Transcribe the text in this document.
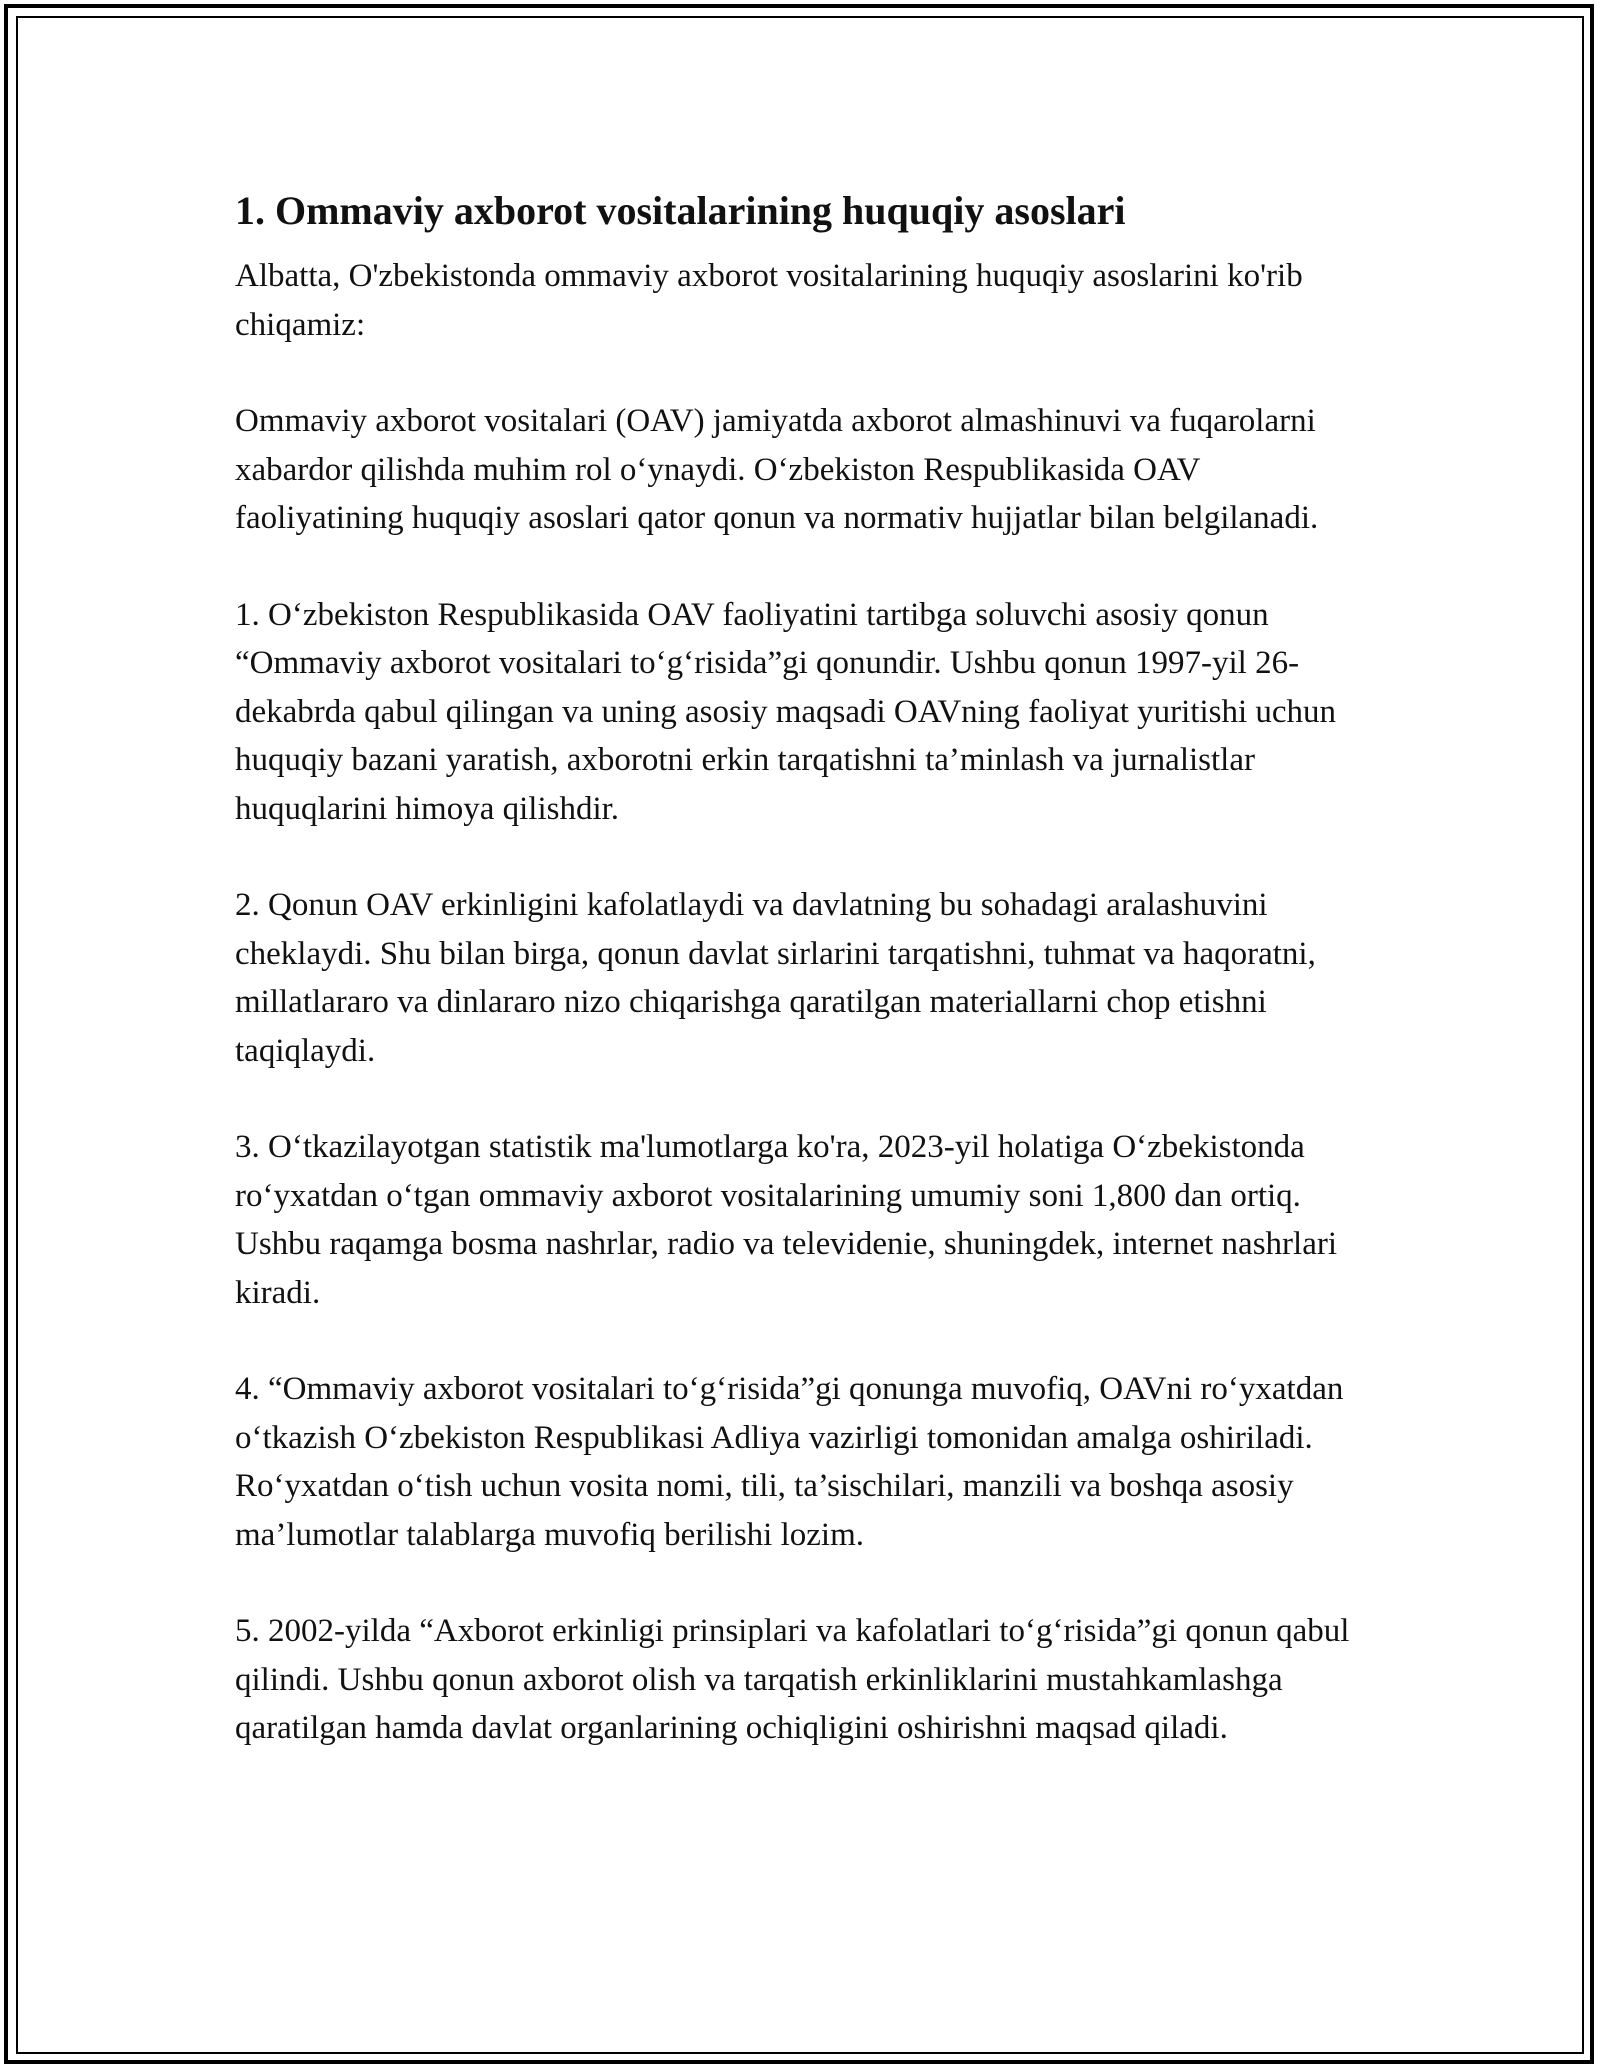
1. Ommaviy axborot vositalarining huquqiy asoslari

Albatta, O'zbekistonda ommaviy axborot vositalarining huquqiy asoslarini ko'rib chiqamiz:

Ommaviy axborot vositalari (OAV) jamiyatda axborot almashinuvi va fuqarolarni xabardor qilishda muhim rol o‘ynaydi. O‘zbekiston Respublikasida OAV faoliyatining huquqiy asoslari qator qonun va normativ hujjatlar bilan belgilanadi.

1. O‘zbekiston Respublikasida OAV faoliyatini tartibga soluvchi asosiy qonun “Ommaviy axborot vositalari to‘g‘risida”gi qonundir. Ushbu qonun 1997-yil 26-dekabrda qabul qilingan va uning asosiy maqsadi OAVning faoliyat yuritishi uchun huquqiy bazani yaratish, axborotni erkin tarqatishni ta’minlash va jurnalistlar huquqlarini himoya qilishdir.

2. Qonun OAV erkinligini kafolatlaydi va davlatning bu sohadagi aralashuvini cheklaydi. Shu bilan birga, qonun davlat sirlarini tarqatishni, tuhmat va haqoratni, millatlararo va dinlararo nizo chiqarishga qaratilgan materiallarni chop etishni taqiqlaydi.

3. O‘tkazilayotgan statistik ma'lumotlarga ko'ra, 2023-yil holatiga O‘zbekistonda ro‘yxatdan o‘tgan ommaviy axborot vositalarining umumiy soni 1,800 dan ortiq. Ushbu raqamga bosma nashrlar, radio va televidenie, shuningdek, internet nashrlari kiradi.

4. “Ommaviy axborot vositalari to‘g‘risida”gi qonunga muvofiq, OAVni ro‘yxatdan o‘tkazish O‘zbekiston Respublikasi Adliya vazirligi tomonidan amalga oshiriladi. Ro‘yxatdan o‘tish uchun vosita nomi, tili, ta’sischilari, manzili va boshqa asosiy ma’lumotlar talablarga muvofiq berilishi lozim.

5. 2002-yilda “Axborot erkinligi prinsiplari va kafolatlari to‘g‘risida”gi qonun qabul qilindi. Ushbu qonun axborot olish va tarqatish erkinliklarini mustahkamlashga qaratilgan hamda davlat organlarining ochiqligini oshirishni maqsad qiladi.
